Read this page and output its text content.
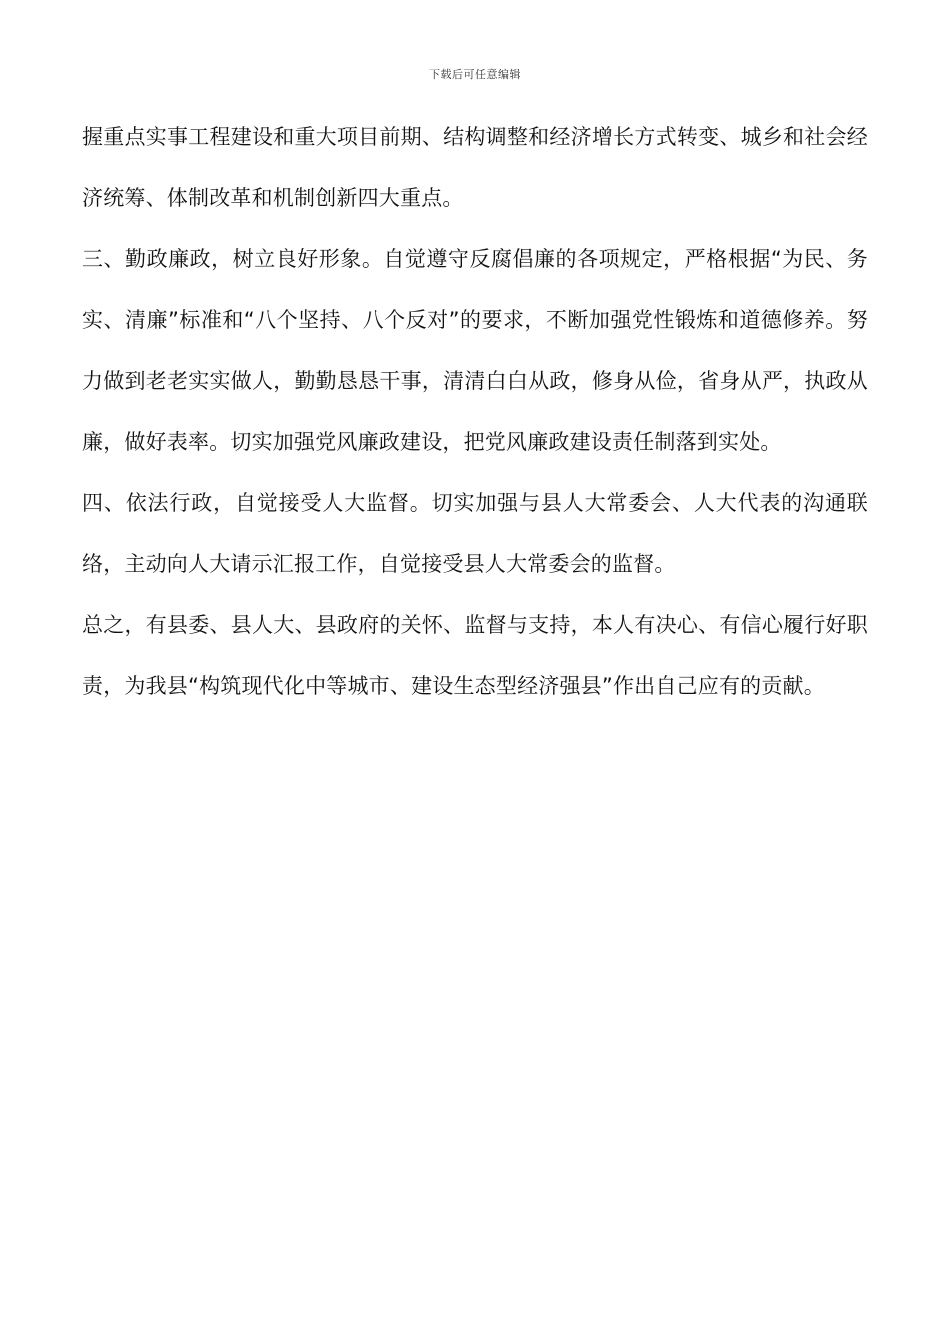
下载后可任意编辑

握重点实事工程建设和重大项目前期、结构调整和经济增长方式转变、城乡和社会经济统筹、体制改革和机制创新四大重点。

三、勤政廉政，树立良好形象。自觉遵守反腐倡廉的各项规定，严格根据“为民、务实、清廉”标准和“八个坚持、八个反对”的要求，不断加强党性锻炼和道德修养。努力做到老老实实做人，勤勤恳恳干事，清清白白从政，修身从俭，省身从严，执政从廉，做好表率。切实加强党风廉政建设，把党风廉政建设责任制落到实处。

四、依法行政，自觉接受人大监督。切实加强与县人大常委会、人大代表的沟通联络，主动向人大请示汇报工作，自觉接受县人大常委会的监督。

总之，有县委、县人大、县政府的关怀、监督与支持，本人有决心、有信心履行好职责，为我县“构筑现代化中等城市、建设生态型经济强县”作出自己应有的贡献。
